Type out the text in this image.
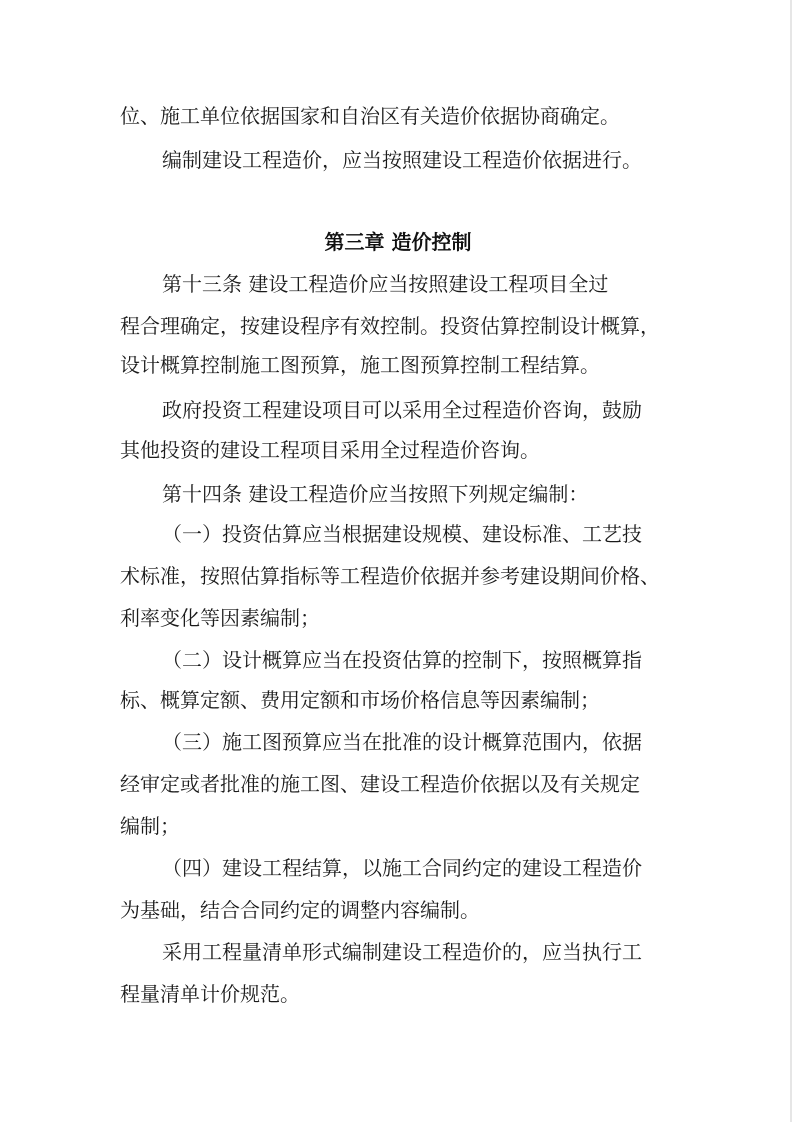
位、施工单位依据国家和自治区有关造价依据协商确定。
编制建设工程造价，应当按照建设工程造价依据进行。
第三章 造价控制
第十三条 建设工程造价应当按照建设工程项目全过
程合理确定，按建设程序有效控制。投资估算控制设计概算，
设计概算控制施工图预算，施工图预算控制工程结算。
政府投资工程建设项目可以采用全过程造价咨询，鼓励
其他投资的建设工程项目采用全过程造价咨询。
第十四条 建设工程造价应当按照下列规定编制：
（一）投资估算应当根据建设规模、建设标准、工艺技
术标准，按照估算指标等工程造价依据并参考建设期间价格、
利率变化等因素编制；
（二）设计概算应当在投资估算的控制下，按照概算指
标、概算定额、费用定额和市场价格信息等因素编制；
（三）施工图预算应当在批准的设计概算范围内，依据
经审定或者批准的施工图、建设工程造价依据以及有关规定
编制；
（四）建设工程结算，以施工合同约定的建设工程造价
为基础，结合合同约定的调整内容编制。
采用工程量清单形式编制建设工程造价的，应当执行工
程量清单计价规范。
